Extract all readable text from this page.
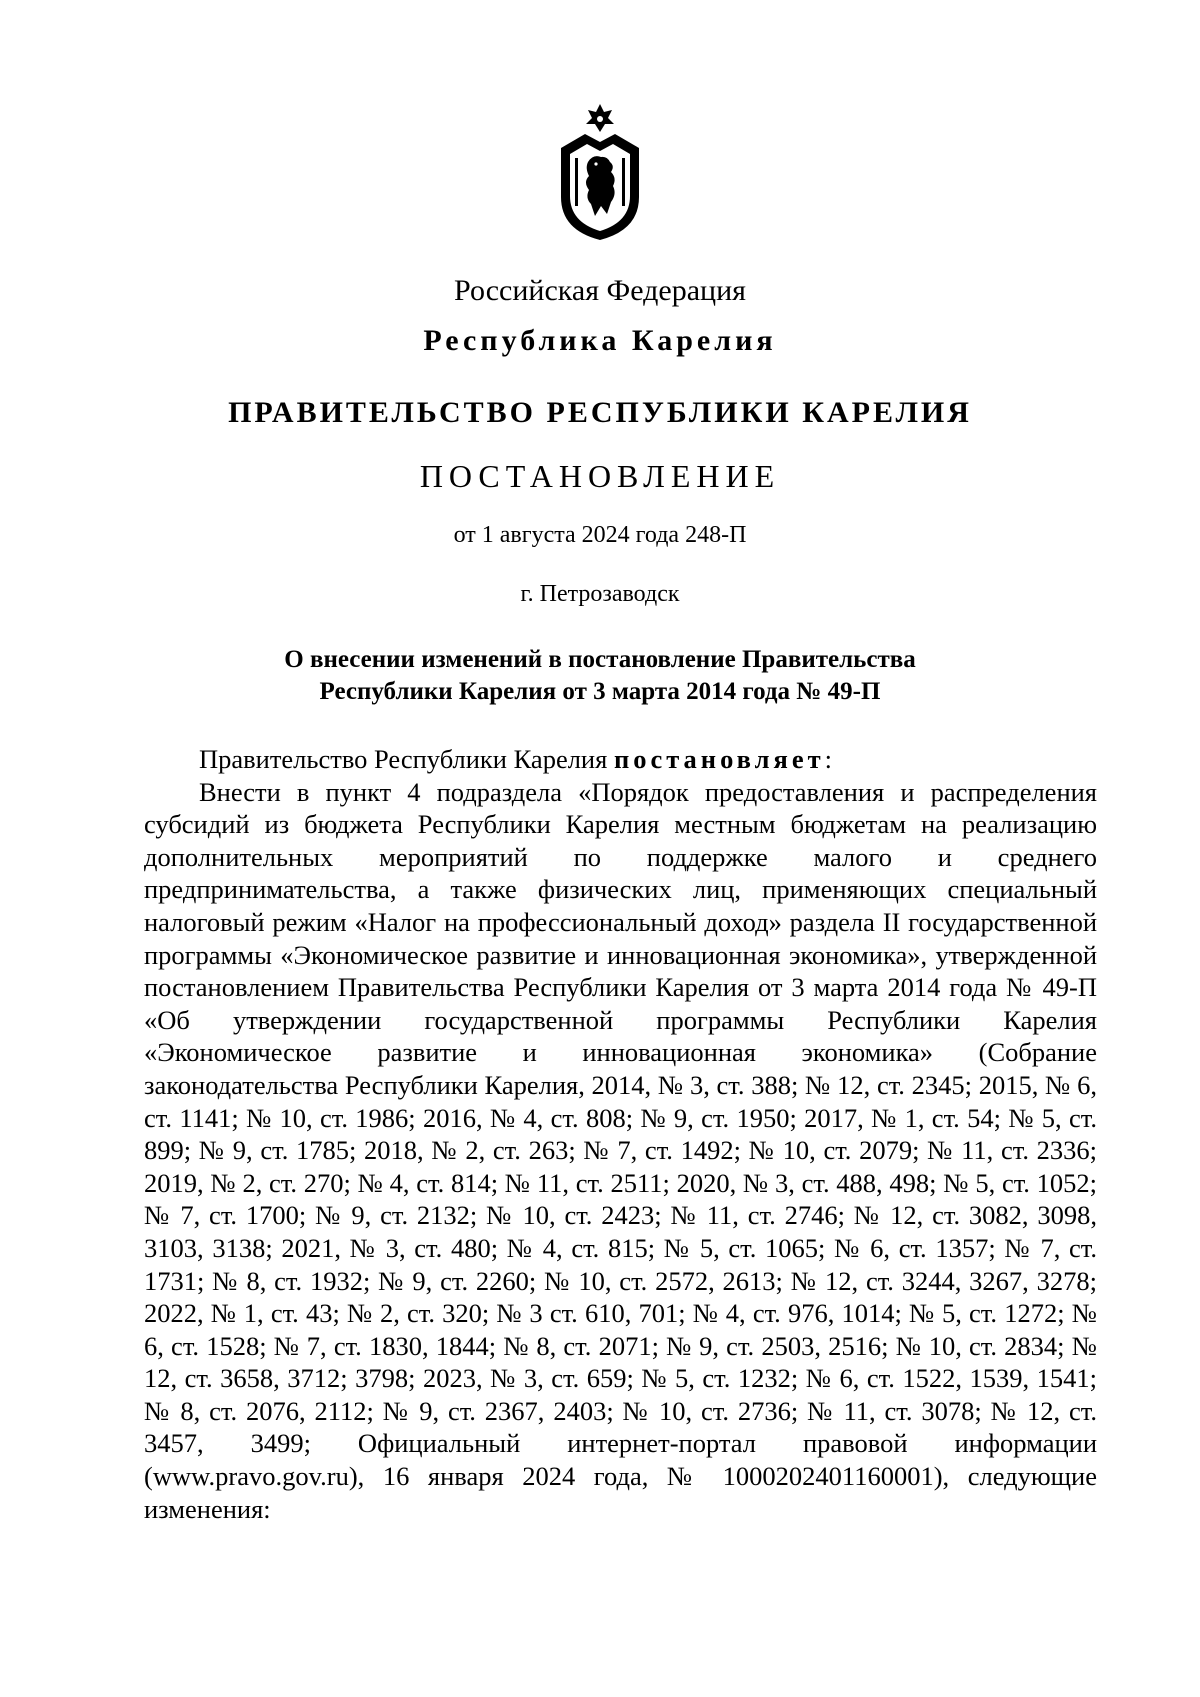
Российская Федерация
Республика Карелия
ПРАВИТЕЛЬСТВО РЕСПУБЛИКИ КАРЕЛИЯ
ПОСТАНОВЛЕНИЕ
от 1 августа 2024 года 248-П
г. Петрозаводск
О внесении изменений в постановление Правительства
Республики Карелия от 3 марта 2014 года № 49-П

Правительство Республики Карелия постановляет:

Внести в пункт 4 подраздела «Порядок предоставления и распределения субсидий из бюджета Республики Карелия местным бюджетам на реализацию дополнительных мероприятий по поддержке малого и среднего предпринимательства, а также физических лиц, применяющих специальный налоговый режим «Налог на профессиональный доход» раздела II государственной программы «Экономическое развитие и инновационная экономика», утвержденной постановлением Правительства Республики Карелия от 3 марта 2014 года № 49-П «Об утверждении государственной программы Республики Карелия «Экономическое развитие и инновационная экономика» (Собрание законодательства Республики Карелия, 2014, № 3, ст. 388; № 12, ст. 2345; 2015, № 6, ст. 1141; № 10, ст. 1986; 2016, № 4, ст. 808; № 9, ст. 1950; 2017, № 1, ст. 54; № 5, ст. 899; № 9, ст. 1785; 2018, № 2, ст. 263; № 7, ст. 1492; № 10, ст. 2079; № 11, ст. 2336; 2019, № 2, ст. 270; № 4, ст. 814; № 11, ст. 2511; 2020, № 3, ст. 488, 498; № 5, ст. 1052; № 7, ст. 1700; № 9, ст. 2132; № 10, ст. 2423; № 11, ст. 2746; № 12, ст. 3082, 3098, 3103, 3138; 2021, № 3, ст. 480; № 4, ст. 815; № 5, ст. 1065; № 6, ст. 1357; № 7, ст. 1731; № 8, ст. 1932; № 9, ст. 2260; № 10, ст. 2572, 2613; № 12, ст. 3244, 3267, 3278; 2022, № 1, ст. 43; № 2, ст. 320; № 3 ст. 610, 701; № 4, ст. 976, 1014; № 5, ст. 1272; № 6, ст. 1528; № 7, ст. 1830, 1844; № 8, ст. 2071; № 9, ст. 2503, 2516; № 10, ст. 2834; № 12, ст. 3658, 3712; 3798; 2023, № 3, ст. 659; № 5, ст. 1232; № 6, ст. 1522, 1539, 1541; № 8, ст. 2076, 2112; № 9, ст. 2367, 2403; № 10, ст. 2736; № 11, ст. 3078; № 12, ст. 3457, 3499; Официальный интернет-портал правовой информации (www.pravo.gov.ru), 16 января 2024 года, № 1000202401160001), следующие изменения:
